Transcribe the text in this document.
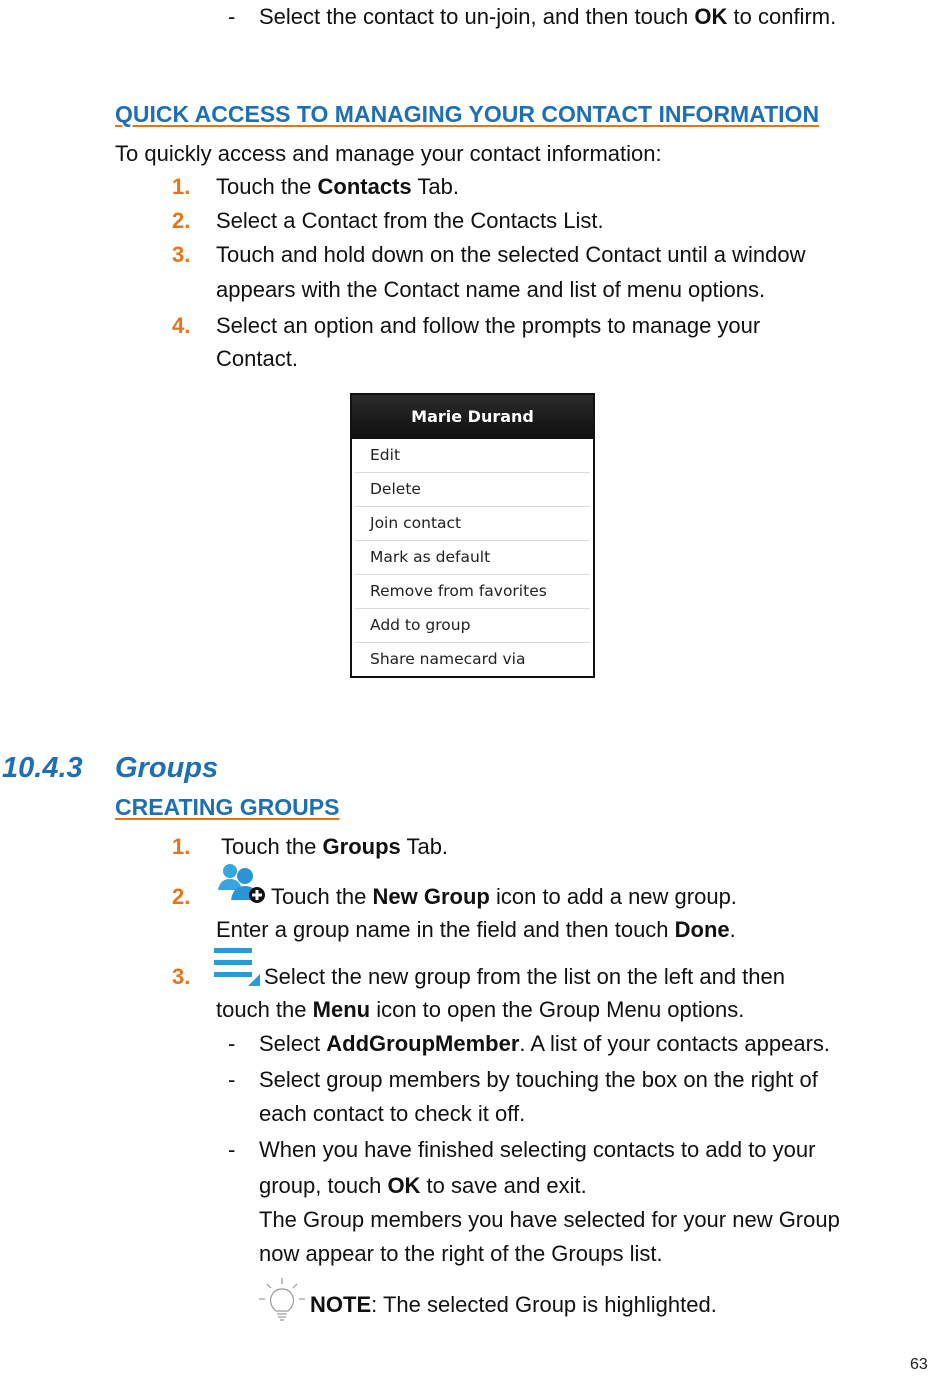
- Select the contact to un-join, and then touch OK to confirm.
QUICK ACCESS TO MANAGING YOUR CONTACT INFORMATION
To quickly access and manage your contact information:
1. Touch the Contacts Tab.
2. Select a Contact from the Contacts List.
3. Touch and hold down on the selected Contact until a window
appears with the Contact name and list of menu options.
4. Select an option and follow the prompts to manage your
Contact.
Marie Durand
Edit
Delete
Join contact
Mark as default
Remove from favorites
Add to group
Share namecard via
10.4.3 Groups
CREATING GROUPS
1. Touch the Groups Tab.
2.	Touch the New Group icon to add a new group.
Enter a group name in the field and then touch Done.
3.	Select the new group from the list on the left and then
touch the Menu icon to open the Group Menu options.
- Select AddGroupMember. A list of your contacts appears.
- Select group members by touching the box on the right of
each contact to check it off.
- When you have finished selecting contacts to add to your
group, touch OK to save and exit.
The Group members you have selected for your new Group
now appear to the right of the Groups list.
NOTE: The selected Group is highlighted.
63
